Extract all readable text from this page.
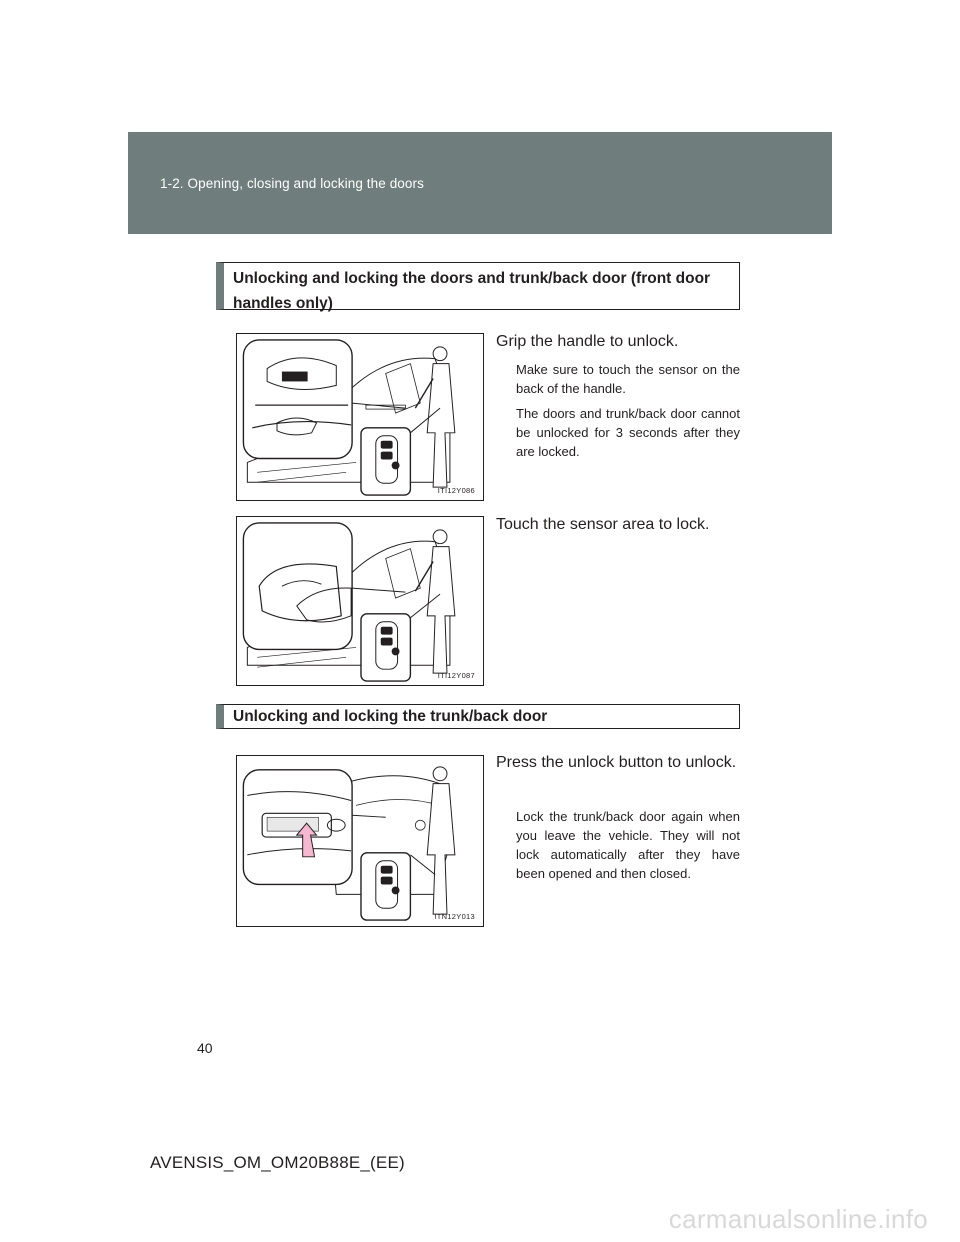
1-2. Opening, closing and locking the doors
Unlocking and locking the doors and trunk/back door (front door handles only)
ITI12Y086
Grip the handle to unlock.
Make sure to touch the sensor on the back of the handle.
The doors and trunk/back door cannot be unlocked for 3 seconds after they are locked.
ITI12Y087
Touch the sensor area to lock.
Unlocking and locking the trunk/back door
ITN12Y013
Press the unlock button to unlock.
Lock the trunk/back door again when you leave the vehicle. They will not lock automatically after they have been opened and then closed.
40
AVENSIS_OM_OM20B88E_(EE)
carmanualsonline.info
